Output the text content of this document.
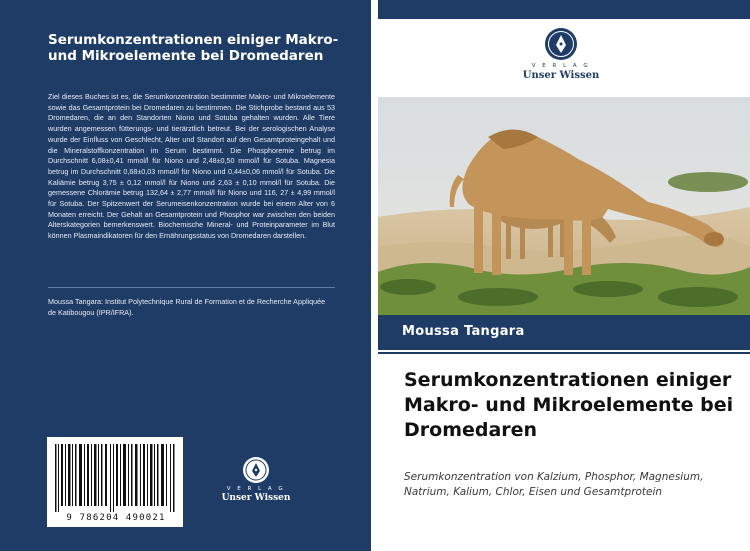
Serumkonzentrationen einiger Makro- und Mikroelemente bei Dromedaren
Ziel dieses Buches ist es, die Serumkonzentration bestimmter Makro- und Mikroelemente sowie das Gesamtprotein bei Dromedaren zu bestimmen. Die Stichprobe bestand aus 53 Dromedaren, die an den Standorten Niono und Sotuba gehalten wurden. Alle Tiere wurden angemessen fütterungs- und tierärztlich betreut. Bei der serologischen Analyse wurde der Einfluss von Geschlecht, Alter und Standort auf den Gesamtproteingehalt und die Mineralstoffkonzentration im Serum bestimmt. Die Phosphoremie betrug im Durchschnitt 6,08±0,41 mmol/l für Niono und 2,48±0,50 mmol/l für Sotuba. Magnesia betrug im Durchschnitt 0,68±0,03 mmol/l für Niono und 0,44±0,06 mmol/l für Sotuba. Die Kaliämie betrug 3,75 ± 0,12 mmol/l für Niono und 2,63 ± 0,10 mmol/l für Sotuba. Die gemessene Chlorämie betrug 132,64 ± 2,77 mmol/l für Niono und 116, 27 ± 4,99 mmol/l für Sotuba. Der Spitzenwert der Serumeisenkonzentration wurde bei einem Alter von 6 Monaten erreicht. Der Gehalt an Gesamtprotein und Phosphor war zwischen den beiden Alterskategorien bemerkenswert. Biochemische Mineral- und Proteinparameter im Blut können Plasmaindikatoren für den Ernährungsstatus von Dromedaren darstellen.
Moussa Tangara: Institut Polytechnique Rural de Formation et de Recherche Appliquée de Katibougou (IPR/IFRA).
9 786204 490021
V E R L A G
Unser Wissen
V E R L A G
Unser Wissen
Moussa Tangara
Serumkonzentrationen einiger Makro- und Mikroelemente bei Dromedaren
Serumkonzentration von Kalzium, Phosphor, Magnesium, Natrium, Kalium, Chlor, Eisen und Gesamtprotein
